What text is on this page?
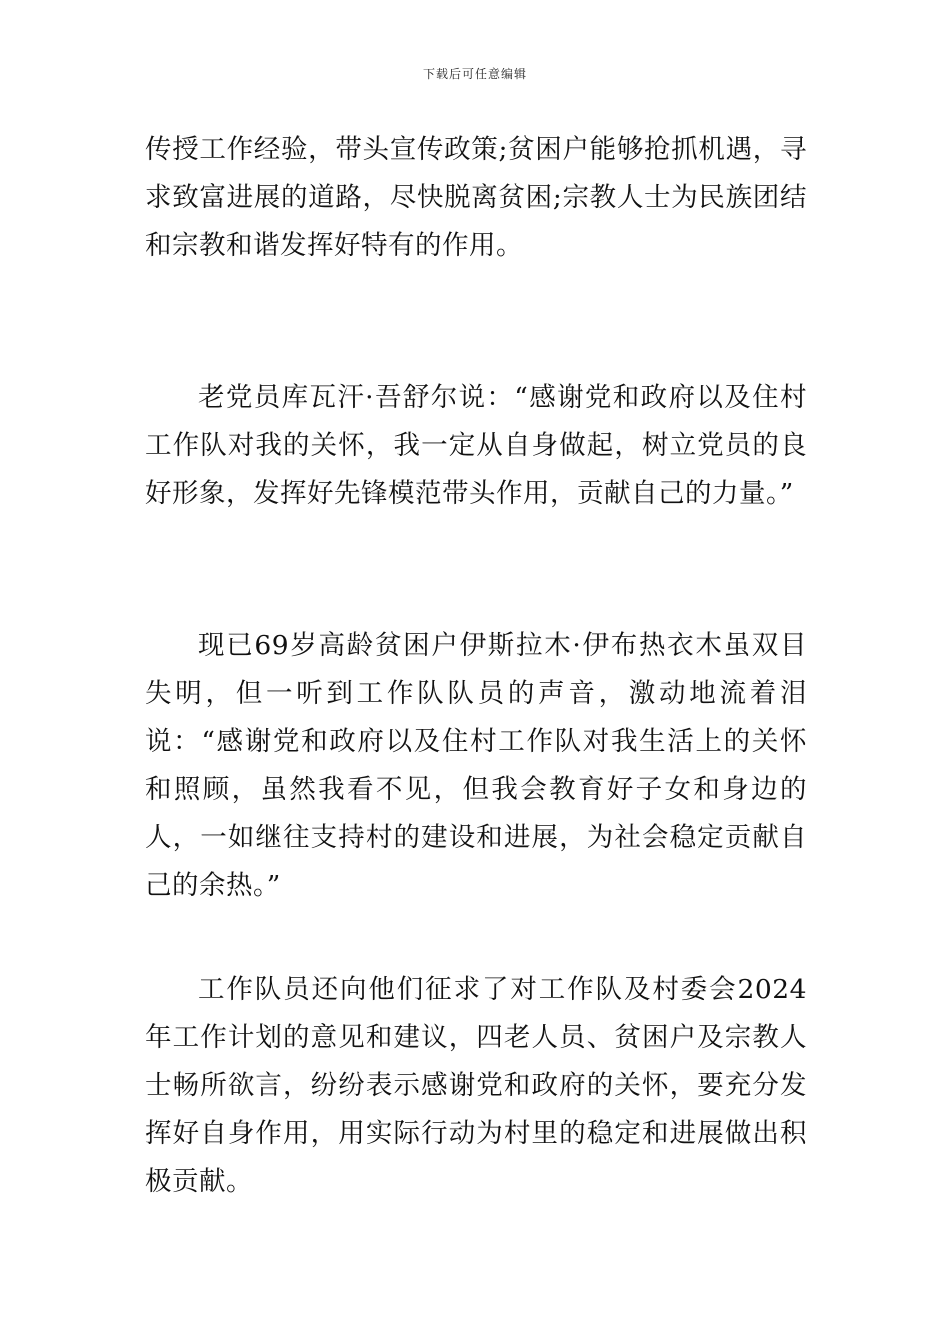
下载后可任意编辑

传授工作经验，带头宣传政策;贫困户能够抢抓机遇，寻求致富进展的道路，尽快脱离贫困;宗教人士为民族团结和宗教和谐发挥好特有的作用。

老党员库瓦汗·吾舒尔说：“感谢党和政府以及住村工作队对我的关怀，我一定从自身做起，树立党员的良好形象，发挥好先锋模范带头作用，贡献自己的力量。”

现已69岁高龄贫困户伊斯拉木·伊布热衣木虽双目失明，但一听到工作队队员的声音，激动地流着泪说：“感谢党和政府以及住村工作队对我生活上的关怀和照顾，虽然我看不见，但我会教育好子女和身边的人，一如继往支持村的建设和进展，为社会稳定贡献自己的余热。”

工作队员还向他们征求了对工作队及村委会2024年工作计划的意见和建议，四老人员、贫困户及宗教人士畅所欲言，纷纷表示感谢党和政府的关怀，要充分发挥好自身作用，用实际行动为村里的稳定和进展做出积极贡献。
